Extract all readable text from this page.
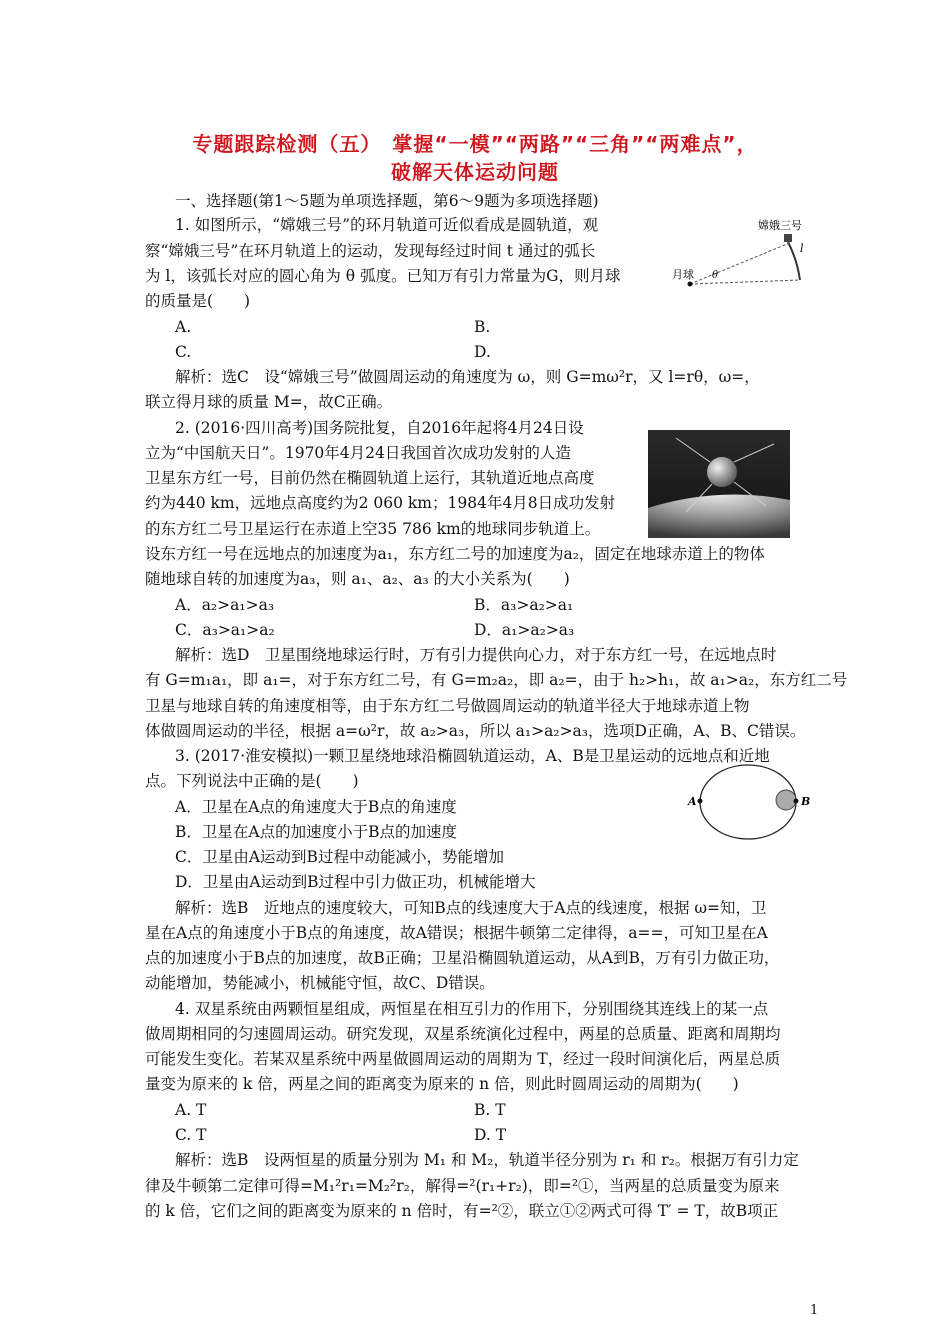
专题跟踪检测（五）　掌握“一模”“两路”“三角”“两难点”，
破解天体运动问题
一、选择题(第1～5题为单项选择题，第6～9题为多项选择题)
1. 如图所示，“嫦娥三号”的环月轨道可近似看成是圆轨道，观
察“嫦娥三号”在环月轨道上的运动，发现每经过时间 t 通过的弧长
为 l，该弧长对应的圆心角为 θ 弧度。已知万有引力常量为G，则月球
的质量是(　　)
A.	B.
C.	D.
解析：选C　设“嫦娥三号”做圆周运动的角速度为 ω，则 G=mω²r，又 l=rθ，ω=，
联立得月球的质量 M=，故C正确。
嫦娥三号
月球
l
θ
2. (2016·四川高考)国务院批复，自2016年起将4月24日设
立为“中国航天日”。1970年4月24日我国首次成功发射的人造
卫星东方红一号，目前仍然在椭圆轨道上运行，其轨道近地点高度
约为440 km，远地点高度约为2 060 km；1984年4月8日成功发射
的东方红二号卫星运行在赤道上空35 786 km的地球同步轨道上。
设东方红一号在远地点的加速度为a₁，东方红二号的加速度为a₂，固定在地球赤道上的物体
随地球自转的加速度为a₃，则 a₁、a₂、a₃ 的大小关系为(　　)
A．a₂>a₁>a₃	B．a₃>a₂>a₁
C．a₃>a₁>a₂	D．a₁>a₂>a₃
解析：选D　卫星围绕地球运行时，万有引力提供向心力，对于东方红一号，在远地点时
有 G=m₁a₁，即 a₁=，对于东方红二号，有 G=m₂a₂，即 a₂=，由于 h₂>h₁，故 a₁>a₂，东方红二号
卫星与地球自转的角速度相等，由于东方红二号做圆周运动的轨道半径大于地球赤道上物
体做圆周运动的半径，根据 a=ω²r，故 a₂>a₃，所以 a₁>a₂>a₃，选项D正确，A、B、C错误。
3. (2017·淮安模拟)一颗卫星绕地球沿椭圆轨道运动，A、B是卫星运动的远地点和近地
点。下列说法中正确的是(　　)
A．卫星在A点的角速度大于B点的角速度
B．卫星在A点的加速度小于B点的加速度
C．卫星由A运动到B过程中动能减小，势能增加
D．卫星由A运动到B过程中引力做正功，机械能增大
解析：选B　近地点的速度较大，可知B点的线速度大于A点的线速度，根据 ω=知，卫
星在A点的角速度小于B点的角速度，故A错误；根据牛顿第二定律得，a==，可知卫星在A
点的加速度小于B点的加速度，故B正确；卫星沿椭圆轨道运动，从A到B，万有引力做正功，
动能增加，势能减小，机械能守恒，故C、D错误。
A	B
4. 双星系统由两颗恒星组成，两恒星在相互引力的作用下，分别围绕其连线上的某一点
做周期相同的匀速圆周运动。研究发现，双星系统演化过程中，两星的总质量、距离和周期均
可能发生变化。若某双星系统中两星做圆周运动的周期为 T，经过一段时间演化后，两星总质
量变为原来的 k 倍，两星之间的距离变为原来的 n 倍，则此时圆周运动的周期为(　　)
A. T	B. T
C. T	D. T
解析：选B　设两恒星的质量分别为 M₁ 和 M₂，轨道半径分别为 r₁ 和 r₂。根据万有引力定
律及牛顿第二定律可得=M₁²r₁=M₂²r₂，解得=²(r₁+r₂)，即=²①，当两星的总质量变为原来
的 k 倍，它们之间的距离变为原来的 n 倍时，有=²②，联立①②两式可得 T′ = T，故B项正
1
